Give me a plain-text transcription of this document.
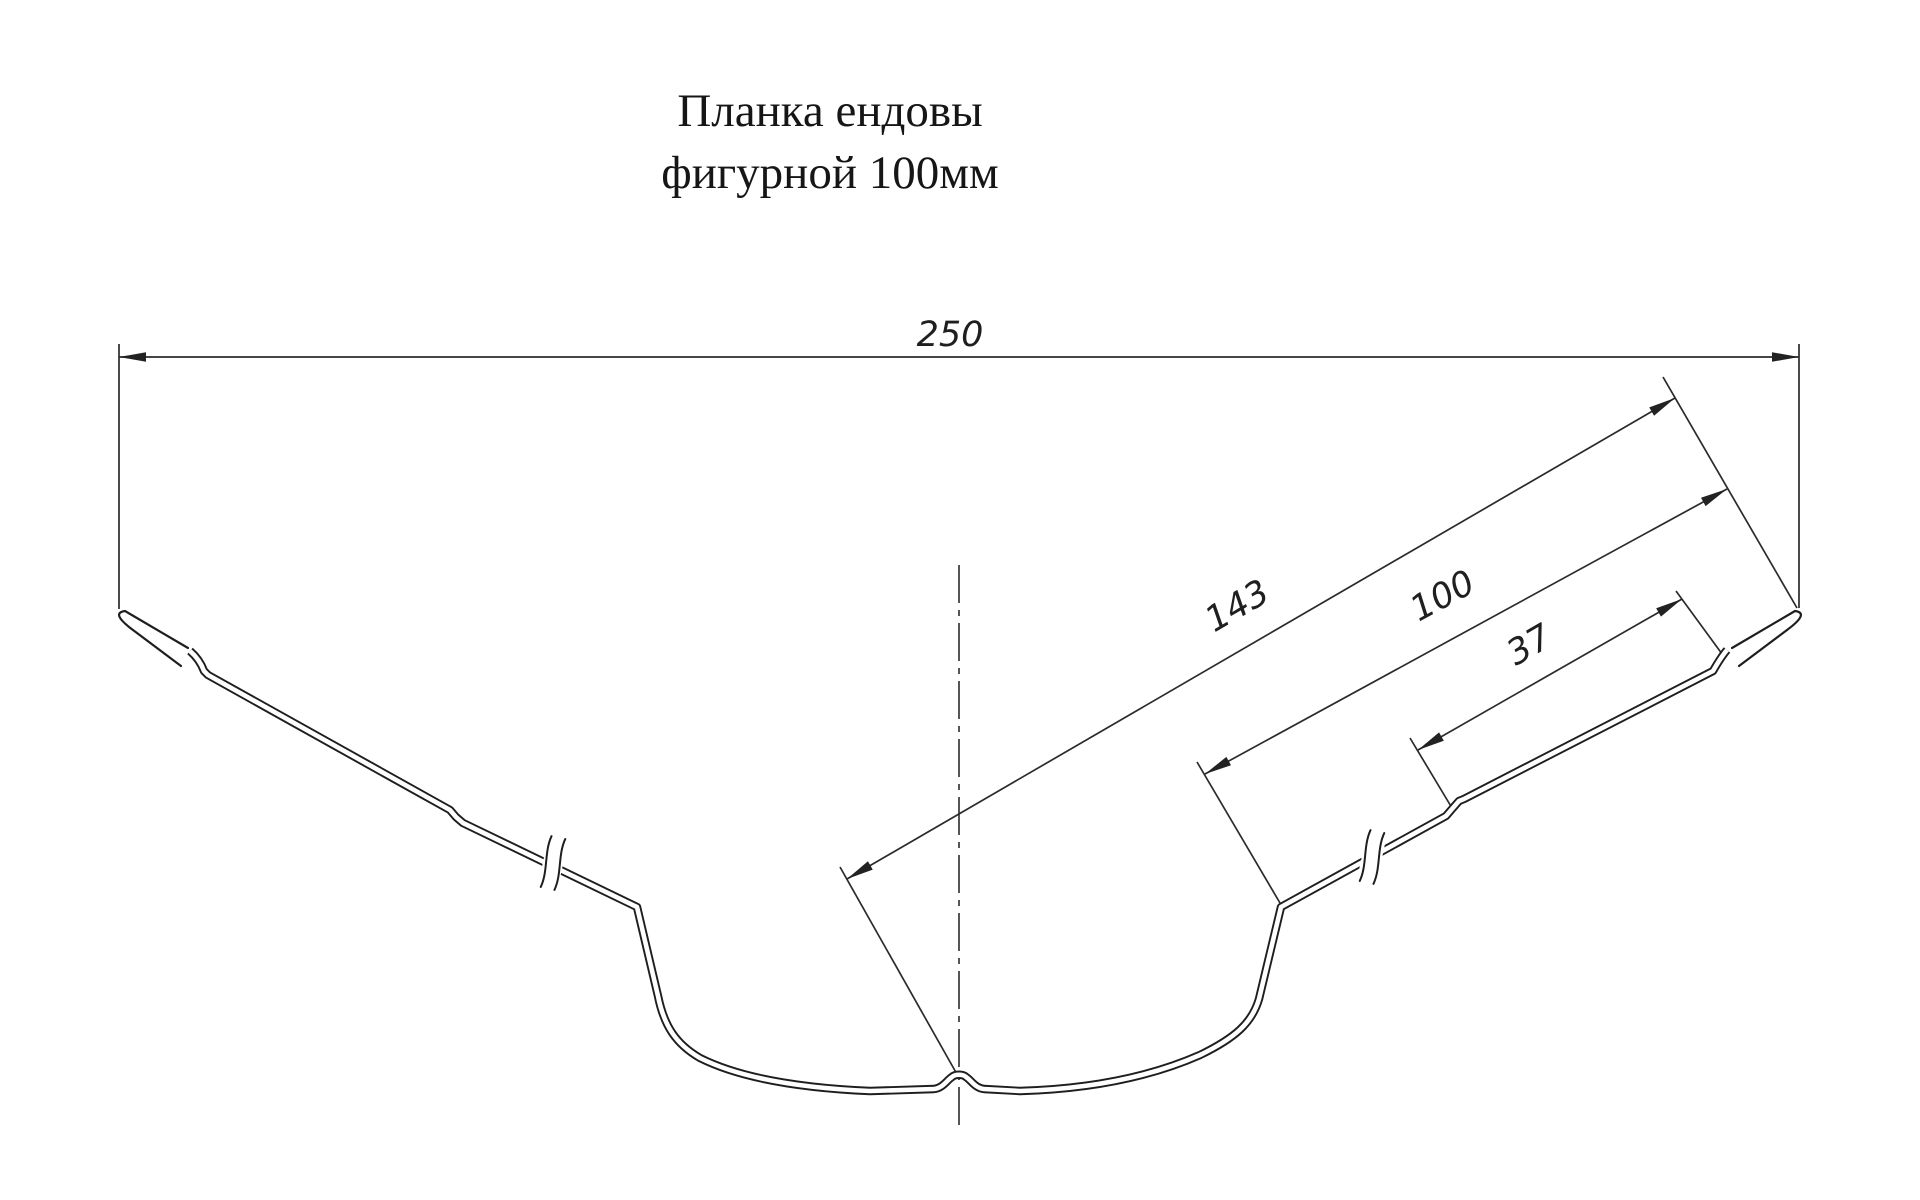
Планка ендовы
фигурной 100мм
250
143	100
37
